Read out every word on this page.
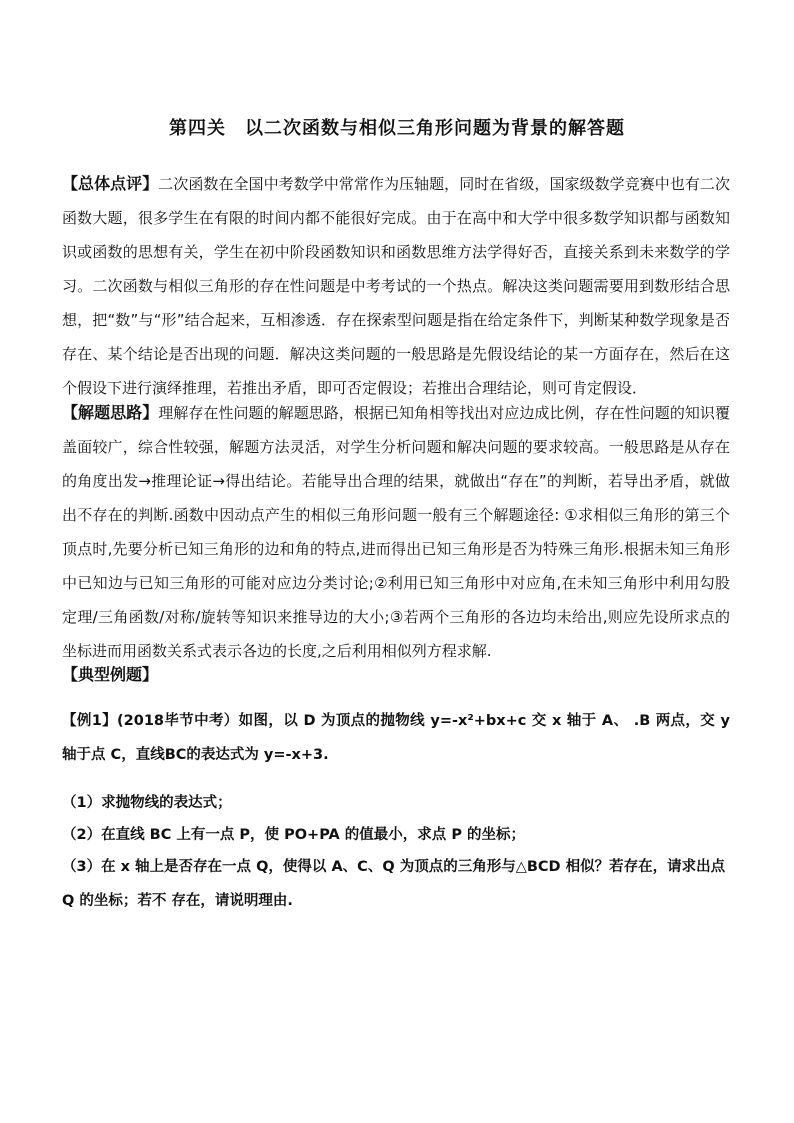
第四关　以二次函数与相似三角形问题为背景的解答题
【总体点评】二次函数在全国中考数学中常常作为压轴题，同时在省级，国家级数学竞赛中也有二次函数大题，很多学生在有限的时间内都不能很好完成。由于在高中和大学中很多数学知识都与函数知识或函数的思想有关，学生在初中阶段函数知识和函数思维方法学得好否，直接关系到未来数学的学习。二次函数与相似三角形的存在性问题是中考考试的一个热点。解决这类问题需要用到数形结合思想，把“数”与“形”结合起来，互相渗透．存在探索型问题是指在给定条件下，判断某种数学现象是否存在、某个结论是否出现的问题．解决这类问题的一般思路是先假设结论的某一方面存在，然后在这个假设下进行演绎推理，若推出矛盾，即可否定假设；若推出合理结论，则可肯定假设．
【解题思路】理解存在性问题的解题思路，根据已知角相等找出对应边成比例，存在性问题的知识覆盖面较广，综合性较强，解题方法灵活，对学生分析问题和解决问题的要求较高。一般思路是从存在的角度出发→推理论证→得出结论。若能导出合理的结果，就做出“存在”的判断，若导出矛盾，就做出不存在的判断.函数中因动点产生的相似三角形问题一般有三个解题途径: ①求相似三角形的第三个顶点时,先要分析已知三角形的边和角的特点,进而得出已知三角形是否为特殊三角形.根据未知三角形中已知边与已知三角形的可能对应边分类讨论;②利用已知三角形中对应角,在未知三角形中利用勾股定理/三角函数/对称/旋转等知识来推导边的大小;③若两个三角形的各边均未给出,则应先设所求点的坐标进而用函数关系式表示各边的长度,之后利用相似列方程求解.
【典型例题】
【例1】(2018毕节中考）如图，以 D 为顶点的抛物线 y=-x²+bx+c 交 x 轴于 A、 .B 两点，交 y 轴于点 C，直线BC的表达式为 y=-x+3.
（1）求抛物线的表达式；
（2）在直线 BC 上有一点 P，使 PO+PA 的值最小，求点 P 的坐标；
（3）在 x 轴上是否存在一点 Q，使得以 A、C、Q 为顶点的三角形与△BCD 相似？若存在，请求出点 Q 的坐标；若不 存在，请说明理由.
